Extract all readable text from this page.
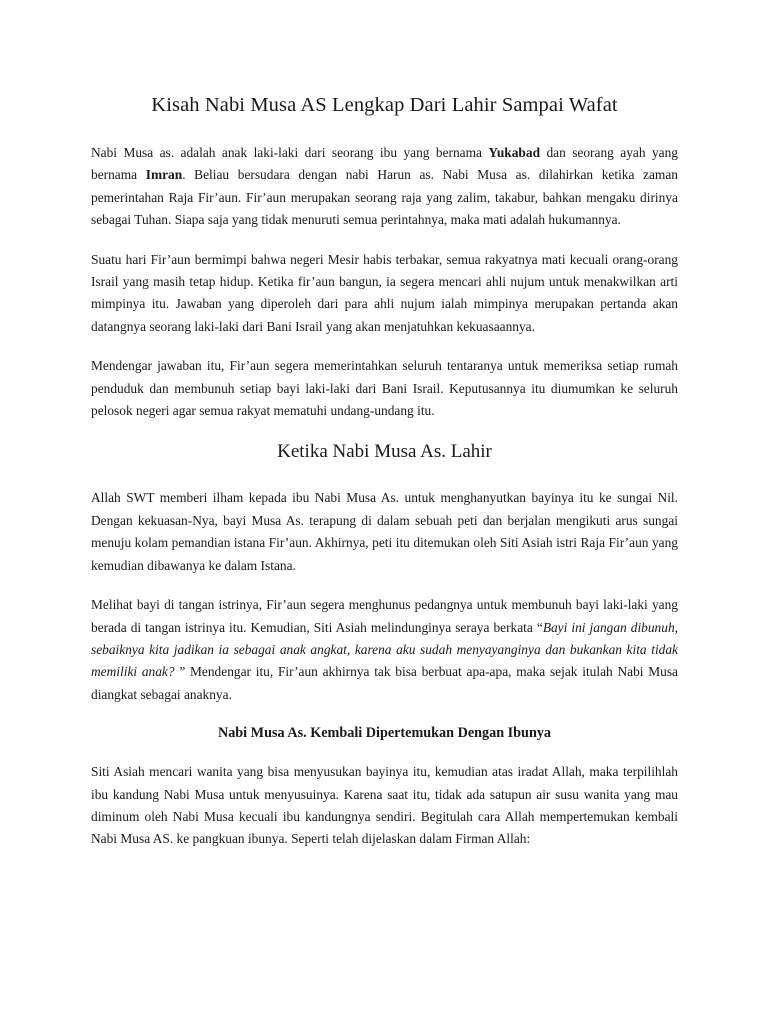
Kisah Nabi Musa AS Lengkap Dari Lahir Sampai Wafat

Nabi Musa as. adalah anak laki-laki dari seorang ibu yang bernama Yukabad dan seorang ayah yang bernama Imran. Beliau bersudara dengan nabi Harun as. Nabi Musa as. dilahirkan ketika zaman pemerintahan Raja Fir’aun. Fir’aun merupakan seorang raja yang zalim, takabur, bahkan mengaku dirinya sebagai Tuhan. Siapa saja yang tidak menuruti semua perintahnya, maka mati adalah hukumannya.

Suatu hari Fir’aun bermimpi bahwa negeri Mesir habis terbakar, semua rakyatnya mati kecuali orang-orang Israil yang masih tetap hidup. Ketika fir’aun bangun, ia segera mencari ahli nujum untuk menakwilkan arti mimpinya itu. Jawaban yang diperoleh dari para ahli nujum ialah mimpinya merupakan pertanda akan datangnya seorang laki-laki dari Bani Israil yang akan menjatuhkan kekuasaannya.

Mendengar jawaban itu, Fir’aun segera memerintahkan seluruh tentaranya untuk memeriksa setiap rumah penduduk dan membunuh setiap bayi laki-laki dari Bani Israil. Keputusannya itu diumumkan ke seluruh pelosok negeri agar semua rakyat mematuhi undang-undang itu.

Ketika Nabi Musa As. Lahir

Allah SWT memberi ilham kepada ibu Nabi Musa As. untuk menghanyutkan bayinya itu ke sungai Nil. Dengan kekuasan-Nya, bayi Musa As. terapung di dalam sebuah peti dan berjalan mengikuti arus sungai menuju kolam pemandian istana Fir’aun. Akhirnya, peti itu ditemukan oleh Siti Asiah istri Raja Fir’aun yang kemudian dibawanya ke dalam Istana.

Melihat bayi di tangan istrinya, Fir’aun segera menghunus pedangnya untuk membunuh bayi laki-laki yang berada di tangan istrinya itu. Kemudian, Siti Asiah melindunginya seraya berkata “Bayi ini jangan dibunuh, sebaiknya kita jadikan ia sebagai anak angkat, karena aku sudah menyayanginya dan bukankan kita tidak memiliki anak? ” Mendengar itu, Fir’aun akhirnya tak bisa berbuat apa-apa, maka sejak itulah Nabi Musa diangkat sebagai anaknya.

Nabi Musa As. Kembali Dipertemukan Dengan Ibunya

Siti Asiah mencari wanita yang bisa menyusukan bayinya itu, kemudian atas iradat Allah, maka terpilihlah ibu kandung Nabi Musa untuk menyusuinya. Karena saat itu, tidak ada satupun air susu wanita yang mau diminum oleh Nabi Musa kecuali ibu kandungnya sendiri. Begitulah cara Allah mempertemukan kembali Nabi Musa AS. ke pangkuan ibunya. Seperti telah dijelaskan dalam Firman Allah:
